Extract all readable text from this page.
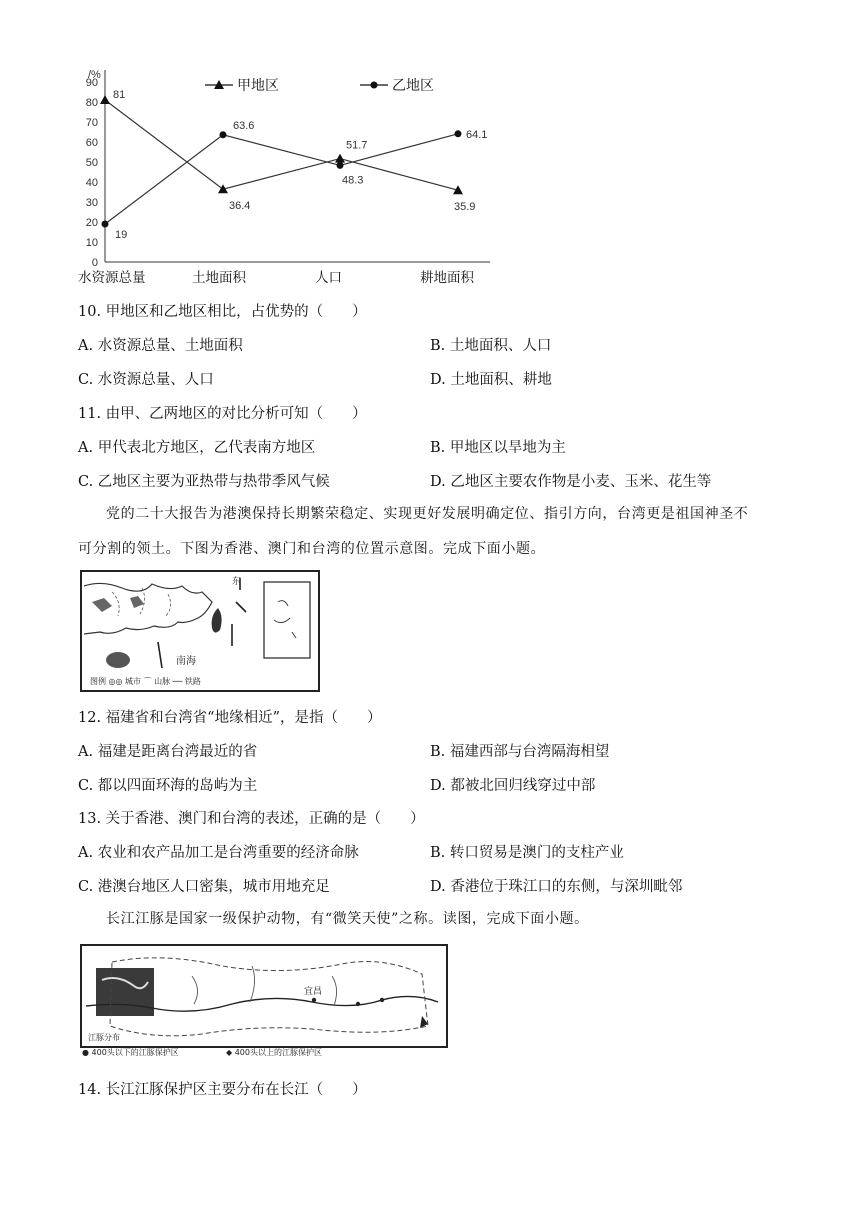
/%
0
10
20
30
40
50
60
70
80
90
水资源总量	土地面积	人口	耕地面积
81
36.4
51.7
35.9
19
63.6
48.3
64.1
甲地区	乙地区
10. 甲地区和乙地区相比，占优势的（　　）
A. 水资源总量、土地面积	B. 土地面积、人口
C. 水资源总量、人口	D. 土地面积、耕地
11. 由甲、乙两地区的对比分析可知（　　）
A. 甲代表北方地区，乙代表南方地区	B. 甲地区以旱地为主
C. 乙地区主要为亚热带与热带季风气候	D. 乙地区主要农作物是小麦、玉米、花生等
党的二十大报告为港澳保持长期繁荣稳定、实现更好发展明确定位、指引方向，台湾更是祖国神圣不
可分割的领土。下图为香港、澳门和台湾的位置示意图。完成下面小题。
南海
东
图例 ◎◎ 城市 ⌒ 山脉 ── 铁路
12. 福建省和台湾省“地缘相近”，是指（　　）
A. 福建是距离台湾最近的省	B. 福建西部与台湾隔海相望
C. 都以四面环海的岛屿为主	D. 都被北回归线穿过中部
13. 关于香港、澳门和台湾的表述，正确的是（　　）
A. 农业和农产品加工是台湾重要的经济命脉	B. 转口贸易是澳门的支柱产业
C. 港澳台地区人口密集，城市用地充足	D. 香港位于珠江口的东侧，与深圳毗邻
长江江豚是国家一级保护动物，有“微笑天使”之称。读图，完成下面小题。
宜昌
江豚分布
● 400头以下的江豚保护区	◆ 400头以上的江豚保护区
14. 长江江豚保护区主要分布在长江（　　）
